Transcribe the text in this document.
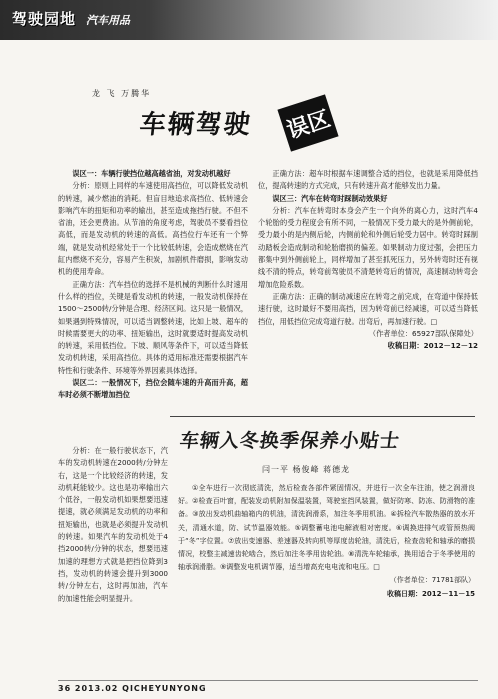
驾驶园地 汽车用品
龙 飞 万腾华
车辆驾驶 误区
误区一：车辆行驶挡位越高越省油，对发动机越好

分析：原则上同样的车速使用高挡位，可以降低发动机的转速，减少燃油的消耗。但盲目地追求高挡位、低转速会影响汽车的扭矩和功率的输出，甚至造成拖挡行驶。不但不省油，还会更费油。从节油的角度考虑，驾驶员不要看挡位高低，而是发动机的转速的高低。高挡位行车还有一个弊端，就是发动机经常处于一个比较低转速，会造成燃烧在汽缸内燃烧不充分，容易产生积炭，加剧机件磨损，影响发动机的使用寿命。

正确方法：汽车挡位的选择不是机械的判断什么时速用什么样的挡位，关键是看发动机的转速，一般发动机保持在1500～2500转/分钟是合理、经济区间。这只是一般情况，如果遇到特殊情况，可以适当调整转速，比如上坡、超车的时候需要更大的功率、扭矩输出，这时就要适时提高发动机的转速，采用低挡位。下坡、顺风等条件下，可以适当降低发动机转速，采用高挡位。具体的适用标准还需要根据汽车特性和行驶条件、环境等外界因素具体选择。

误区二：一般情况下，挡位会随车速的升高而升高，超车时必须不断增加挡位

分析：在一般行驶状态下，汽车的发动机转速在2000转/分钟左右，这是一个比较经济的转速，发动机耗能较少。这也是功率输出六个低谷，一般发动机如果想要迅速提速，就必须满足发动机的功率和扭矩输出，也就是必须提升发动机的转速。如果汽车的发动机处于4挡2000转/分钟的状态，想要迅速加速的理想方式就是把挡位降到3挡，发动机的转速会提升到3000转/分钟左右，这时再加油，汽车的加速性能会明显提升。

正确方法：超车时根据车速调整合适的挡位，也就是采用降低挡位，提高转速的方式完成，只有转速升高才能够发出力量。

误区三：汽车在转弯时踩制动效果好

分析：汽车在转弯时本身会产生一个向外的离心力，这时汽车4个轮胎的受力程度会有所不同，一般情况下受力最大的是外侧前轮，受力最小的是内侧后轮，内侧前轮和外侧后轮受力居中。转弯时踩制动踏板会造成制动和轮胎磨损的偏差。如果制动力度过强，会把压力都集中到外侧前轮上，同样增加了甚至抓死压力，另外转弯时还有视线不清的特点，转弯前驾驶员不清楚转弯后的情况，高速制动转弯会增加危险系数。

正确方法：正确的制动减速应在转弯之前完成，在弯道中保持低速行驶，这时最好不要用高挡，因为转弯前已经减速，可以适当降低挡位，用低挡位完成弯道行驶。出弯后，再加速行驶。□

（作者单位：65927部队保障处）
收稿日期：2012－12－12
车辆入冬换季保养小贴士
闫一平 杨俊峰 蒋德龙

①全车进行一次彻底清洗，然后检查各部件紧固情况，并进行一次全车注油，使之润滑良好。②检查百叶窗，配装发动机附加保温装置，驾驶室挡风装置，做好防寒、防冻、防滑物的准备。③放出发动机曲轴箱内的机油，清洗润滑系，加注冬季用机油。④拆检汽车散热器的放水开关，清通水道，防、试节温器效能。⑤调整蓄电池电解液相对密度。⑥调换进排气或管预热阀于“冬”字位置。⑦放出变速器、差速器及转向机等厚度齿轮油，清洗后，检查齿轮和轴承的磨损情况，校整主减速齿轮啮合，然后加注冬季用齿轮油。⑧清洗车轮轴承，换用适合于冬季使用的轴承润滑脂。⑨调整发电机调节器，适当增高充电电流和电压。□

（作者单位：71781部队）
收稿日期：2012－11－15
36 2013.02 QICHEYUNYONG
